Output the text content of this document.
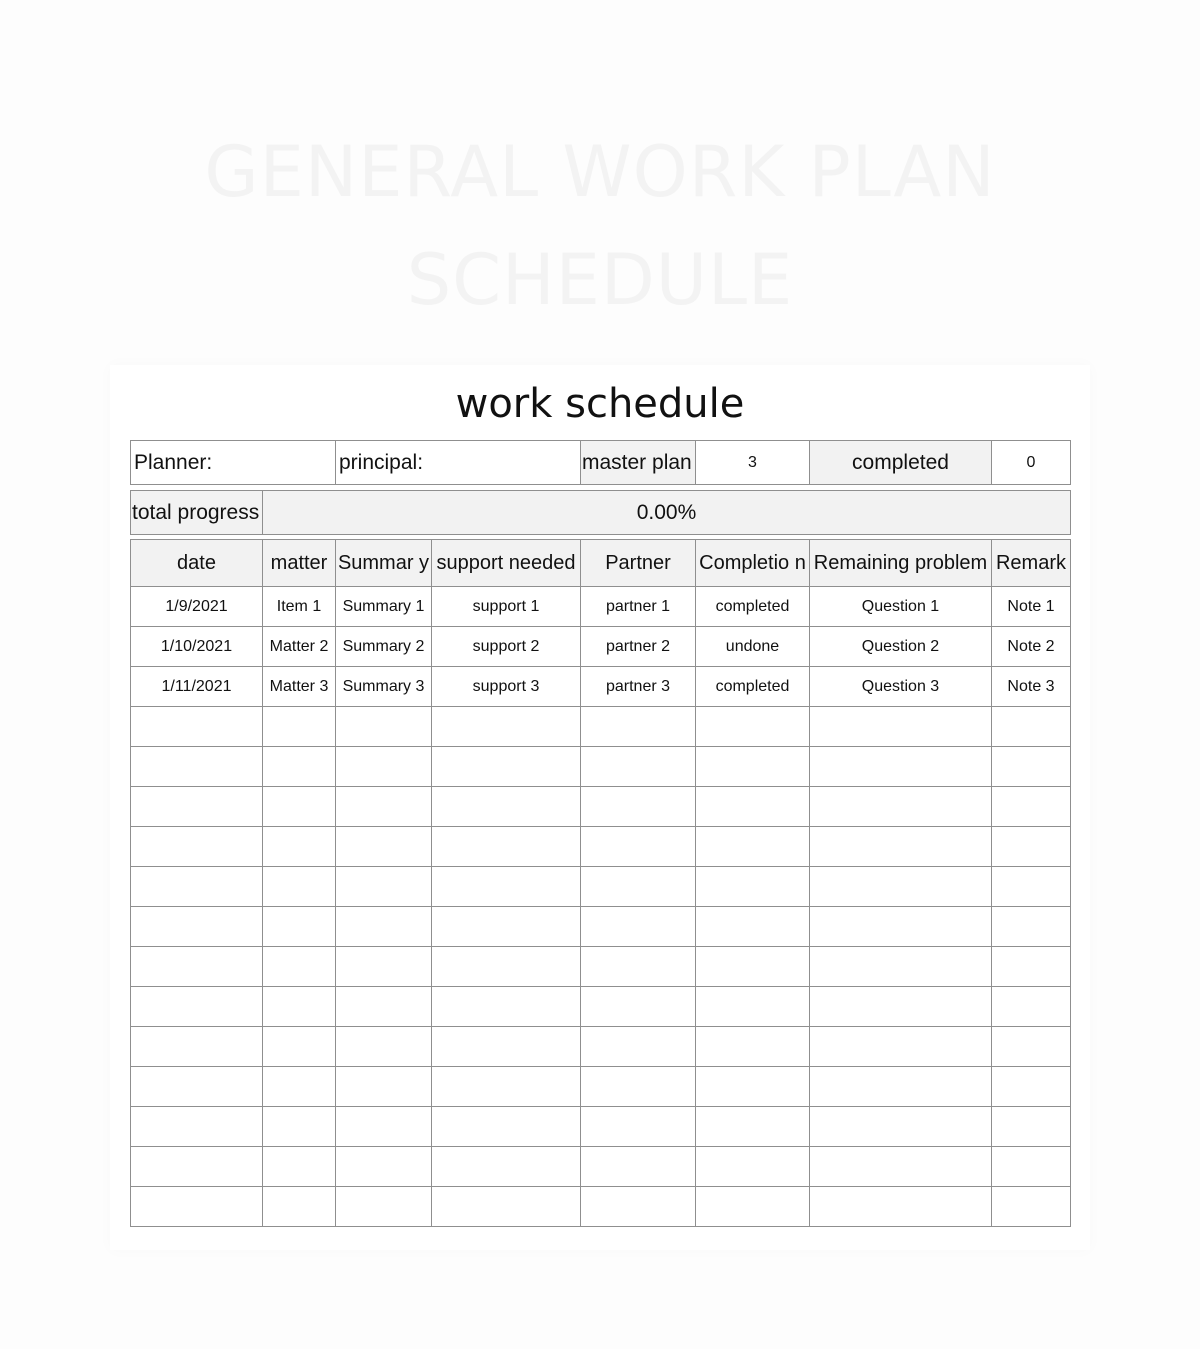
GENERAL WORK PLAN
SCHEDULE
work schedule
Planner:	principal:	master plan	3	completed	0
total progress	0.00%
date	matter	Summar y	support needed	Partner	Completio n	Remaining problem	Remark
1/9/2021	Item 1	Summary 1	support 1	partner 1	completed	Question 1	Note 1
1/10/2021	Matter 2	Summary 2	support 2	partner 2	undone	Question 2	Note 2
1/11/2021	Matter 3	Summary 3	support 3	partner 3	completed	Question 3	Note 3
